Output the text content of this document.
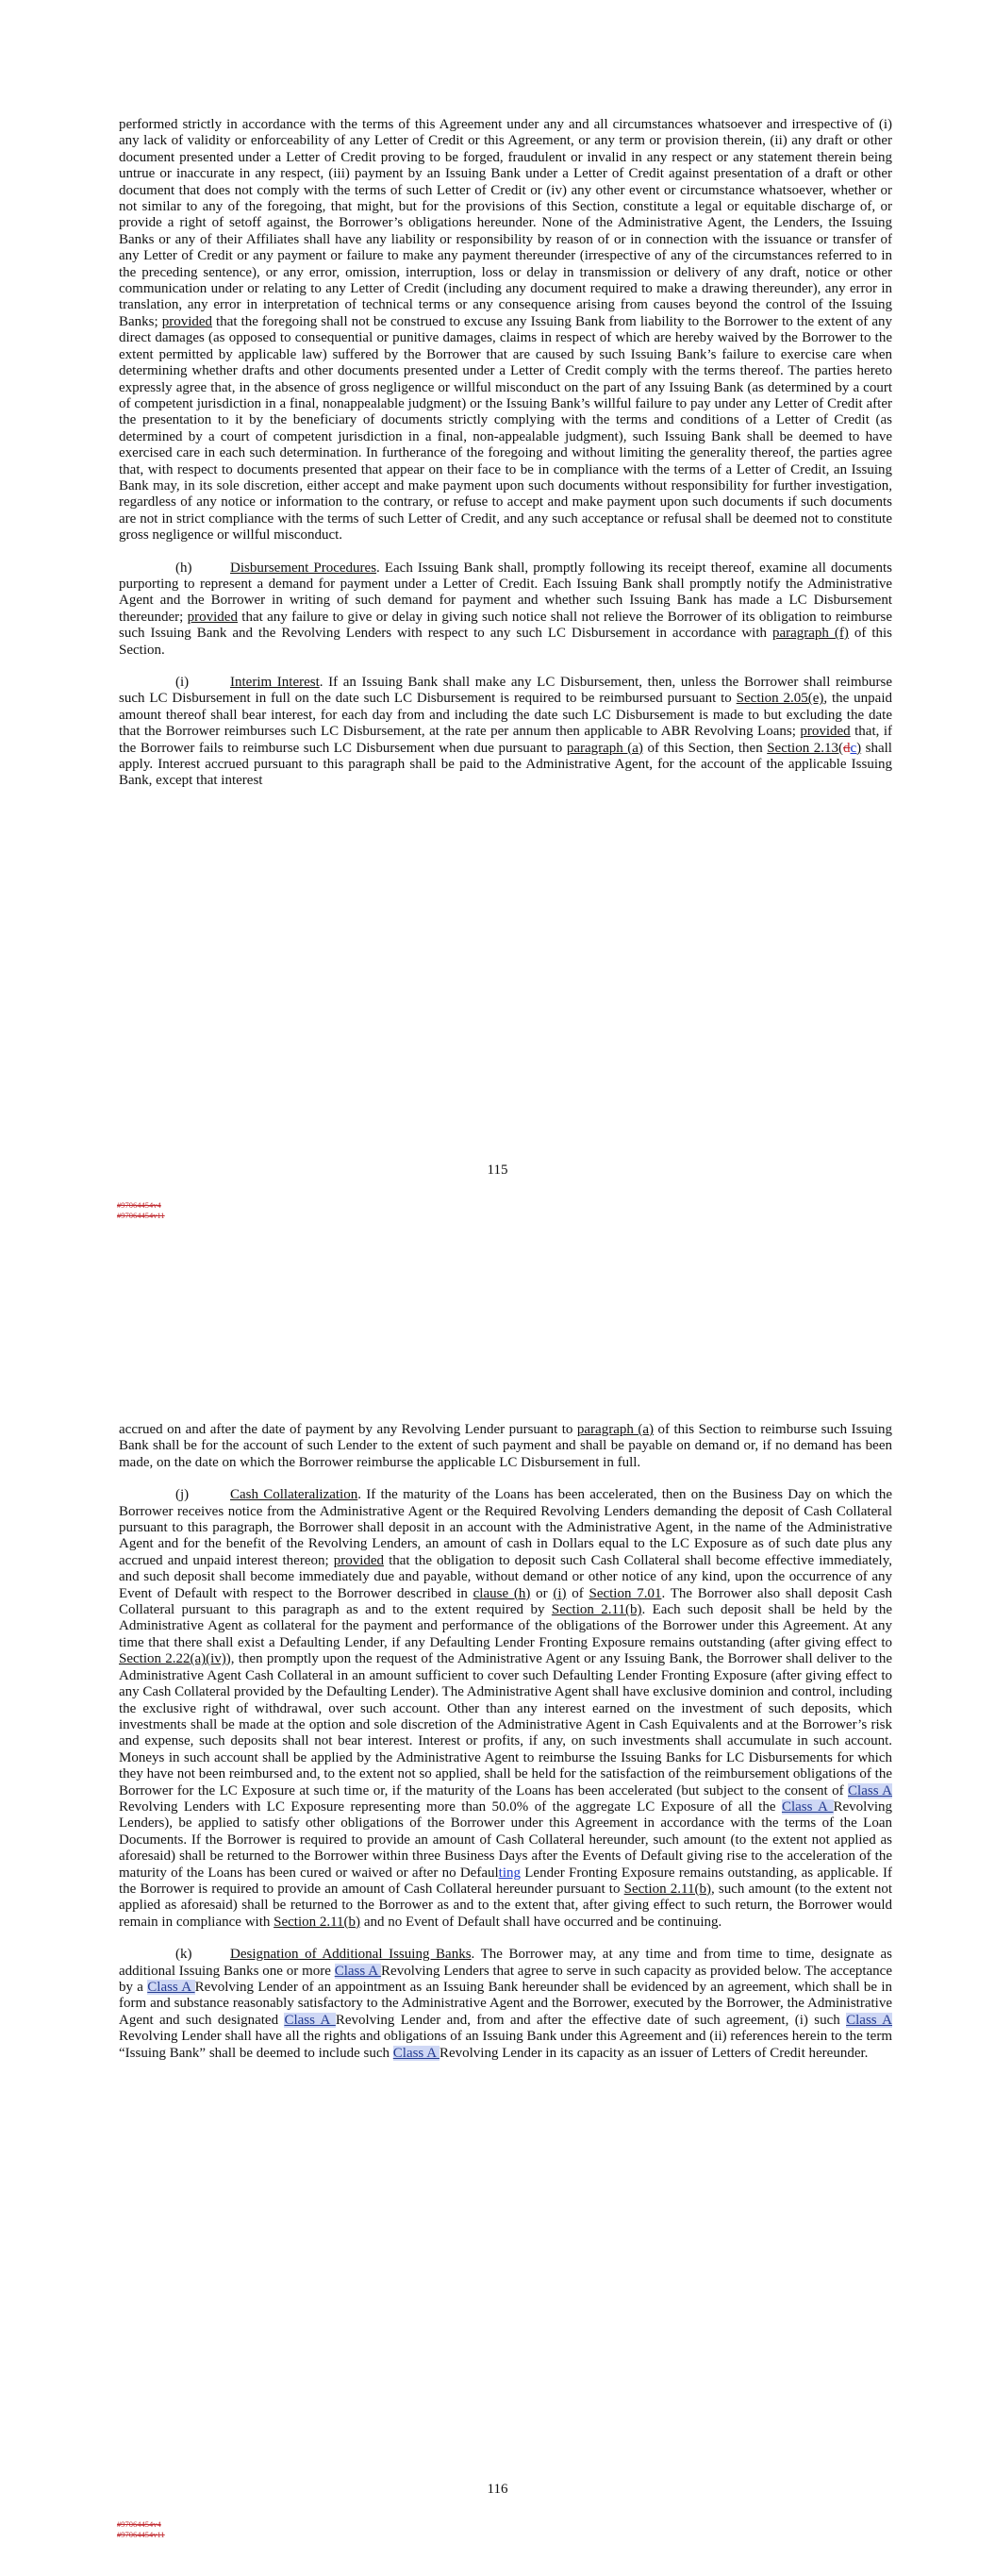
performed strictly in accordance with the terms of this Agreement under any and all circumstances whatsoever and irrespective of (i) any lack of validity or enforceability of any Letter of Credit or this Agreement, or any term or provision therein, (ii) any draft or other document presented under a Letter of Credit proving to be forged, fraudulent or invalid in any respect or any statement therein being untrue or inaccurate in any respect, (iii) payment by an Issuing Bank under a Letter of Credit against presentation of a draft or other document that does not comply with the terms of such Letter of Credit or (iv) any other event or circumstance whatsoever, whether or not similar to any of the foregoing, that might, but for the provisions of this Section, constitute a legal or equitable discharge of, or provide a right of setoff against, the Borrower’s obligations hereunder. None of the Administrative Agent, the Lenders, the Issuing Banks or any of their Affiliates shall have any liability or responsibility by reason of or in connection with the issuance or transfer of any Letter of Credit or any payment or failure to make any payment thereunder (irrespective of any of the circumstances referred to in the preceding sentence), or any error, omission, interruption, loss or delay in transmission or delivery of any draft, notice or other communication under or relating to any Letter of Credit (including any document required to make a drawing thereunder), any error in translation, any error in interpretation of technical terms or any consequence arising from causes beyond the control of the Issuing Banks; provided that the foregoing shall not be construed to excuse any Issuing Bank from liability to the Borrower to the extent of any direct damages (as opposed to consequential or punitive damages, claims in respect of which are hereby waived by the Borrower to the extent permitted by applicable law) suffered by the Borrower that are caused by such Issuing Bank’s failure to exercise care when determining whether drafts and other documents presented under a Letter of Credit comply with the terms thereof. The parties hereto expressly agree that, in the absence of gross negligence or willful misconduct on the part of any Issuing Bank (as determined by a court of competent jurisdiction in a final, nonappealable judgment) or the Issuing Bank’s willful failure to pay under any Letter of Credit after the presentation to it by the beneficiary of documents strictly complying with the terms and conditions of a Letter of Credit (as determined by a court of competent jurisdiction in a final, non-appealable judgment), such Issuing Bank shall be deemed to have exercised care in each such determination. In furtherance of the foregoing and without limiting the generality thereof, the parties agree that, with respect to documents presented that appear on their face to be in compliance with the terms of a Letter of Credit, an Issuing Bank may, in its sole discretion, either accept and make payment upon such documents without responsibility for further investigation, regardless of any notice or information to the contrary, or refuse to accept and make payment upon such documents if such documents are not in strict compliance with the terms of such Letter of Credit, and any such acceptance or refusal shall be deemed not to constitute gross negligence or willful misconduct.

(h)	Disbursement Procedures. Each Issuing Bank shall, promptly following its receipt thereof, examine all documents purporting to represent a demand for payment under a Letter of Credit. Each Issuing Bank shall promptly notify the Administrative Agent and the Borrower in writing of such demand for payment and whether such Issuing Bank has made a LC Disbursement thereunder; provided that any failure to give or delay in giving such notice shall not relieve the Borrower of its obligation to reimburse such Issuing Bank and the Revolving Lenders with respect to any such LC Disbursement in accordance with paragraph (f) of this Section.

(i)	Interim Interest. If an Issuing Bank shall make any LC Disbursement, then, unless the Borrower shall reimburse such LC Disbursement in full on the date such LC Disbursement is required to be reimbursed pursuant to Section 2.05(e), the unpaid amount thereof shall bear interest, for each day from and including the date such LC Disbursement is made to but excluding the date that the Borrower reimburses such LC Disbursement, at the rate per annum then applicable to ABR Revolving Loans; provided that, if the Borrower fails to reimburse such LC Disbursement when due pursuant to paragraph (a) of this Section, then Section 2.13(dc) shall apply. Interest accrued pursuant to this paragraph shall be paid to the Administrative Agent, for the account of the applicable Issuing Bank, except that interest

115
#97064454v4
#97064454v11

accrued on and after the date of payment by any Revolving Lender pursuant to paragraph (a) of this Section to reimburse such Issuing Bank shall be for the account of such Lender to the extent of such payment and shall be payable on demand or, if no demand has been made, on the date on which the Borrower reimburse the applicable LC Disbursement in full.

(j)	Cash Collateralization. If the maturity of the Loans has been accelerated, then on the Business Day on which the Borrower receives notice from the Administrative Agent or the Required Revolving Lenders demanding the deposit of Cash Collateral pursuant to this paragraph, the Borrower shall deposit in an account with the Administrative Agent, in the name of the Administrative Agent and for the benefit of the Revolving Lenders, an amount of cash in Dollars equal to the LC Exposure as of such date plus any accrued and unpaid interest thereon; provided that the obligation to deposit such Cash Collateral shall become effective immediately, and such deposit shall become immediately due and payable, without demand or other notice of any kind, upon the occurrence of any Event of Default with respect to the Borrower described in clause (h) or (i) of Section 7.01. The Borrower also shall deposit Cash Collateral pursuant to this paragraph as and to the extent required by Section 2.11(b). Each such deposit shall be held by the Administrative Agent as collateral for the payment and performance of the obligations of the Borrower under this Agreement. At any time that there shall exist a Defaulting Lender, if any Defaulting Lender Fronting Exposure remains outstanding (after giving effect to Section 2.22(a)(iv)), then promptly upon the request of the Administrative Agent or any Issuing Bank, the Borrower shall deliver to the Administrative Agent Cash Collateral in an amount sufficient to cover such Defaulting Lender Fronting Exposure (after giving effect to any Cash Collateral provided by the Defaulting Lender). The Administrative Agent shall have exclusive dominion and control, including the exclusive right of withdrawal, over such account. Other than any interest earned on the investment of such deposits, which investments shall be made at the option and sole discretion of the Administrative Agent in Cash Equivalents and at the Borrower’s risk and expense, such deposits shall not bear interest. Interest or profits, if any, on such investments shall accumulate in such account. Moneys in such account shall be applied by the Administrative Agent to reimburse the Issuing Banks for LC Disbursements for which they have not been reimbursed and, to the extent not so applied, shall be held for the satisfaction of the reimbursement obligations of the Borrower for the LC Exposure at such time or, if the maturity of the Loans has been accelerated (but subject to the consent of Class A Revolving Lenders with LC Exposure representing more than 50.0% of the aggregate LC Exposure of all the Class A Revolving Lenders), be applied to satisfy other obligations of the Borrower under this Agreement in accordance with the terms of the Loan Documents. If the Borrower is required to provide an amount of Cash Collateral hereunder, such amount (to the extent not applied as aforesaid) shall be returned to the Borrower within three Business Days after the Events of Default giving rise to the acceleration of the maturity of the Loans has been cured or waived or after no Defaulting Lender Fronting Exposure remains outstanding, as applicable. If the Borrower is required to provide an amount of Cash Collateral hereunder pursuant to Section 2.11(b), such amount (to the extent not applied as aforesaid) shall be returned to the Borrower as and to the extent that, after giving effect to such return, the Borrower would remain in compliance with Section 2.11(b) and no Event of Default shall have occurred and be continuing.

(k)	Designation of Additional Issuing Banks. The Borrower may, at any time and from time to time, designate as additional Issuing Banks one or more Class A Revolving Lenders that agree to serve in such capacity as provided below. The acceptance by a Class A Revolving Lender of an appointment as an Issuing Bank hereunder shall be evidenced by an agreement, which shall be in form and substance reasonably satisfactory to the Administrative Agent and the Borrower, executed by the Borrower, the Administrative Agent and such designated Class A Revolving Lender and, from and after the effective date of such agreement, (i) such Class A Revolving Lender shall have all the rights and obligations of an Issuing Bank under this Agreement and (ii) references herein to the term “Issuing Bank” shall be deemed to include such Class A Revolving Lender in its capacity as an issuer of Letters of Credit hereunder.

116
#97064454v4
#97064454v11
